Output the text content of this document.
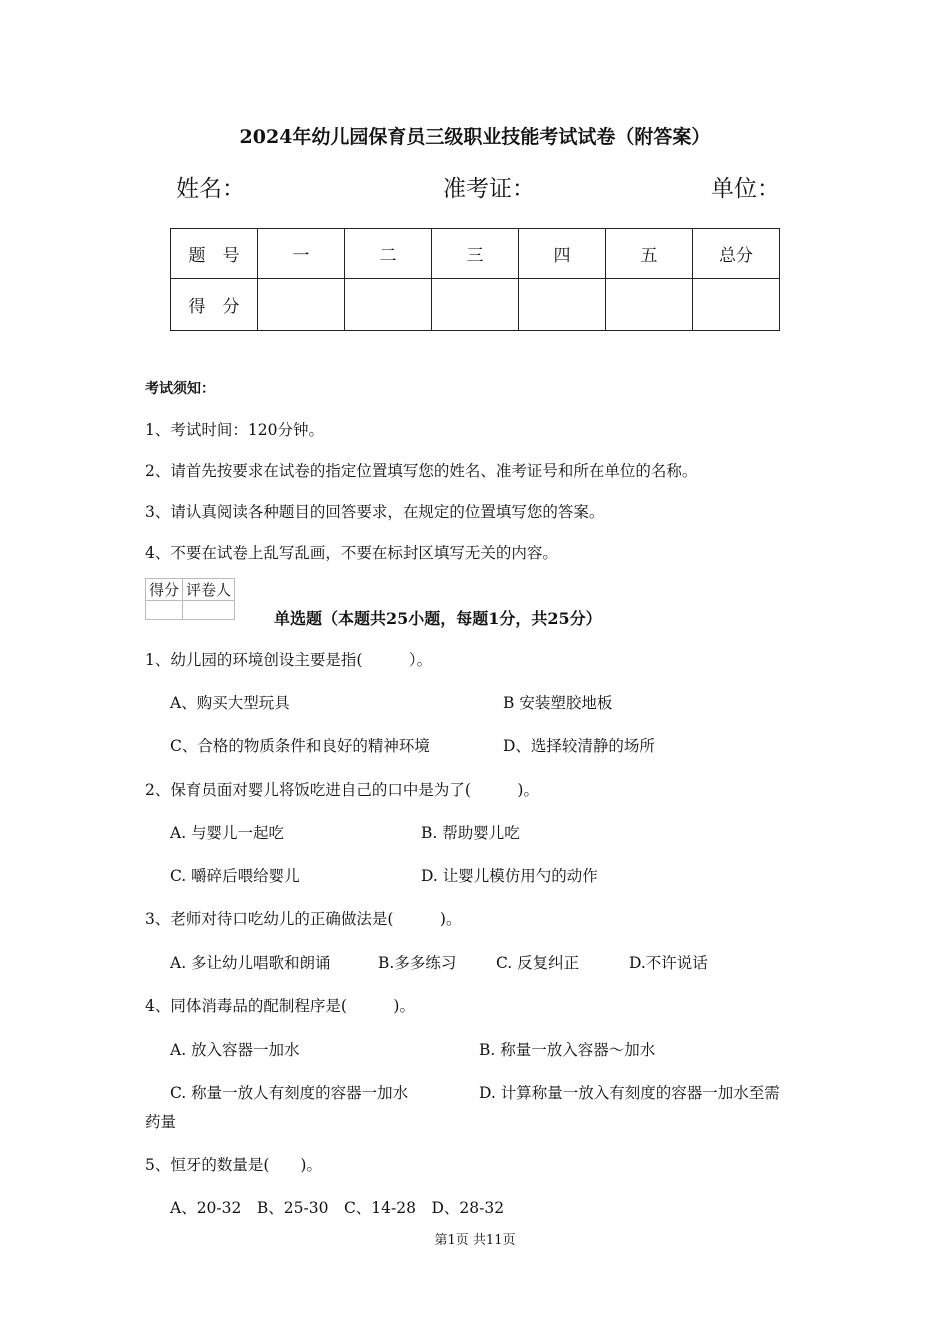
2024年幼儿园保育员三级职业技能考试试卷（附答案）
姓名：	准考证：	单位：
题　号	一	二	三	四	五	总分
得　分						
考试须知：
1、考试时间：120分钟。
2、请首先按要求在试卷的指定位置填写您的姓名、准考证号和所在单位的名称。
3、请认真阅读各种题目的回答要求，在规定的位置填写您的答案。
4、不要在试卷上乱写乱画，不要在标封区填写无关的内容。
得分	评卷人

单选题（本题共25小题，每题1分，共25分）
1、幼儿园的环境创设主要是指(　　　）。
A、购买大型玩具	B 安装塑胶地板
C、合格的物质条件和良好的精神环境	D、选择较清静的场所
2、保育员面对婴儿将饭吃进自己的口中是为了(　　　)。
A. 与婴儿一起吃	B. 帮助婴儿吃
C. 嚼碎后喂给婴儿	D. 让婴儿模仿用勺的动作
3、老师对待口吃幼儿的正确做法是(　　　)。
A. 多让幼儿唱歌和朗诵	B.多多练习	C. 反复纠正	D.不许说话
4、同体消毒品的配制程序是(　　　)。
A. 放入容器一加水	B. 称量一放入容器～加水
C. 称量一放人有刻度的容器一加水	D. 计算称量一放入有刻度的容器一加水至需
药量
5、恒牙的数量是(　　)。
A、20-32　B、25-30　C、14-28　D、28-32
第1页 共11页
